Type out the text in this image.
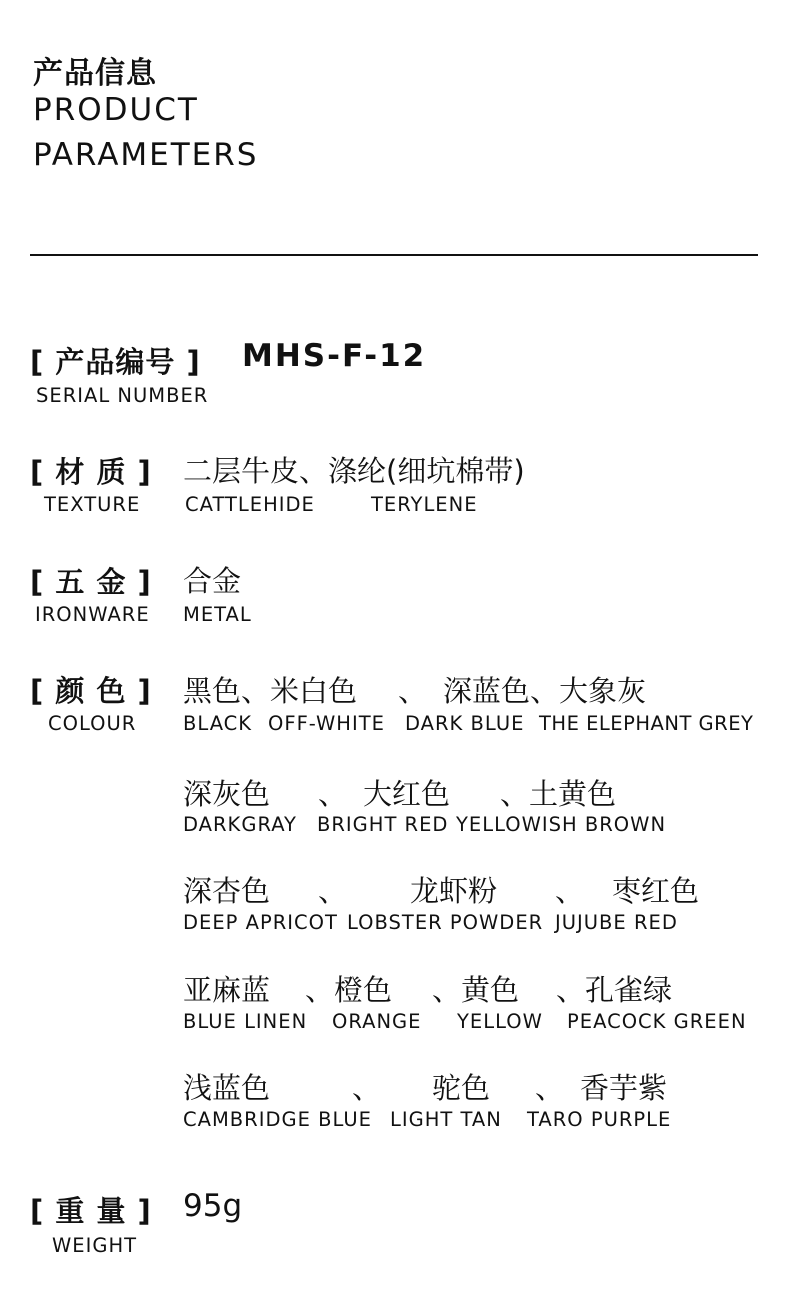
产品信息
PRODUCT
PARAMETERS
[ 产品编号 ] MHS-F-12
SERIAL NUMBER
[ 材 质 ]
TEXTURE
二层牛皮、涤纶(细坑棉带)
CATTLEHIDE	TERYLENE
[ 五 金 ]
IRONWARE
合金
METAL
[ 颜 色 ]
COLOUR
黑色、米白色 、 深蓝色、大象灰
BLACK OFF-WHITE DARK BLUE THE ELEPHANT GREY
深灰色 、 大红色 、土黄色
DARKGRAY BRIGHT RED YELLOWISH BROWN
深杏色 、 龙虾粉 、 枣红色
DEEP APRICOT LOBSTER POWDER JUJUBE RED
亚麻蓝 、橙色 、黄色 、孔雀绿
BLUE LINEN ORANGE YELLOW PEACOCK GREEN
浅蓝色	、 驼色 、 香芋紫
CAMBRIDGE BLUE LIGHT TAN TARO PURPLE
[ 重 量 ]
WEIGHT
95g
